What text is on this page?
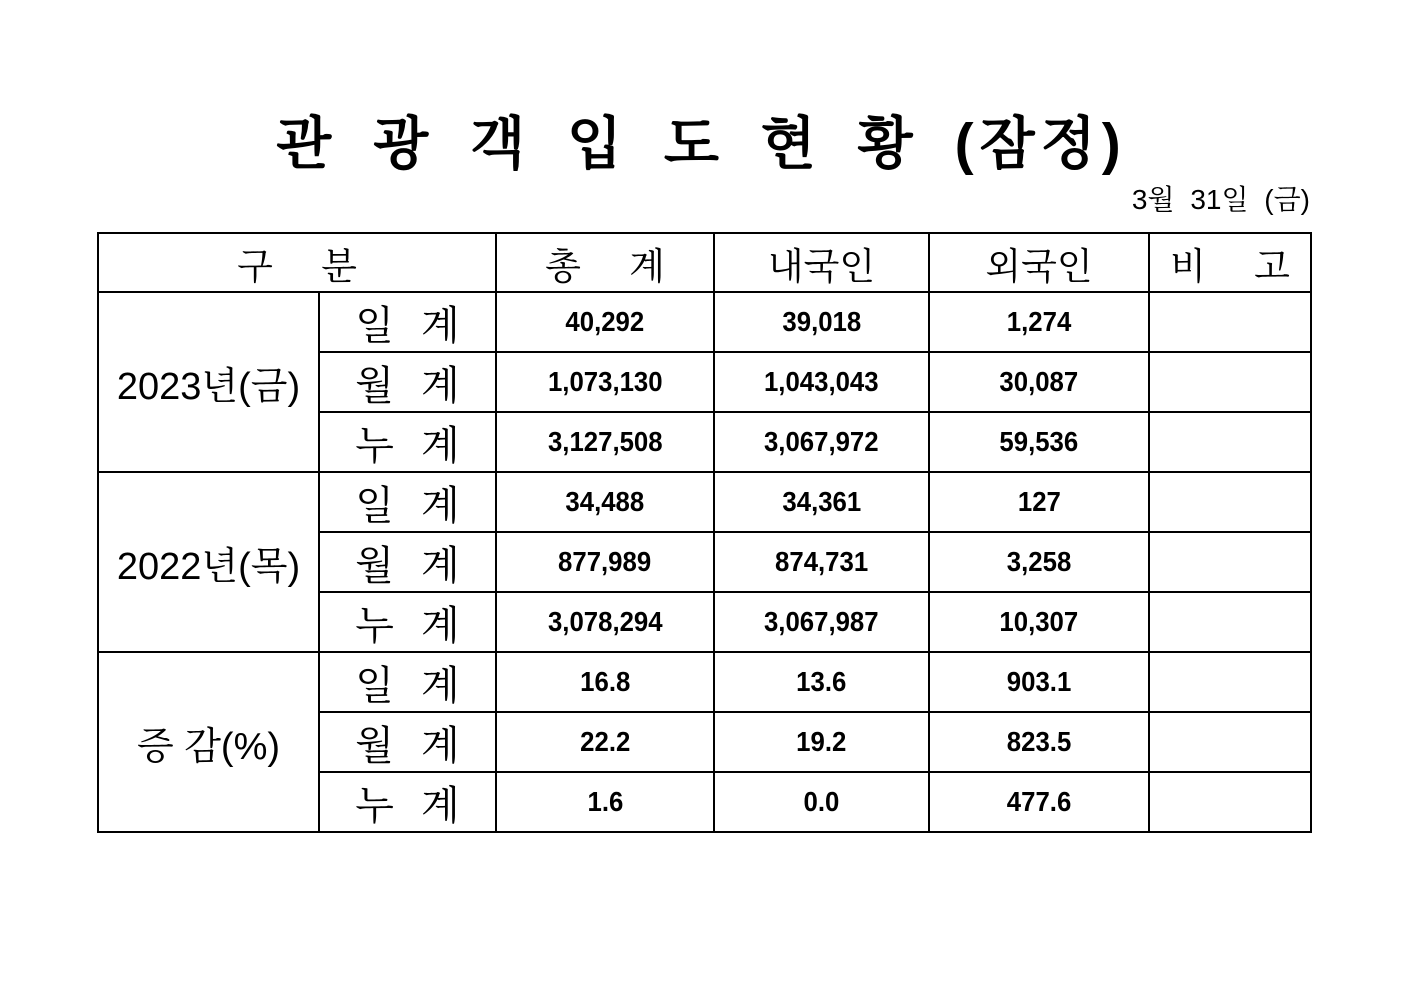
관 광 객 입 도 현 황 (잠정)
3월 31일 (금)
구 분		총 계	내국인	외국인	비 고
2023년(금)	일 계	40,292	39,018	1,274	
	월 계	1,073,130	1,043,043	30,087	
	누 계	3,127,508	3,067,972	59,536	
2022년(목)	일 계	34,488	34,361	127	
	월 계	877,989	874,731	3,258	
	누 계	3,078,294	3,067,987	10,307	
증 감(%)	일 계	16.8	13.6	903.1	
	월 계	22.2	19.2	823.5	
	누 계	1.6	0.0	477.6	
